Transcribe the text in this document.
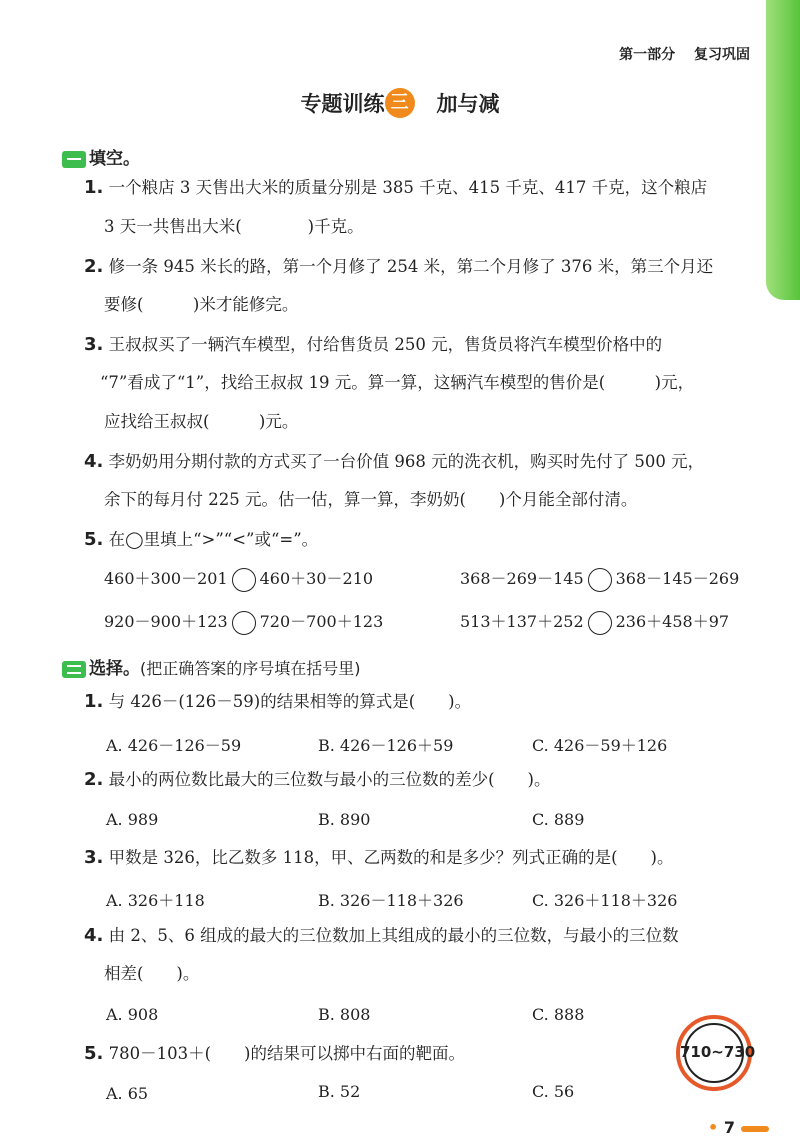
第一部分 复习巩固
专题训练 三 加与减
填空。
1. 一个粮店 3 天售出大米的质量分别是 385 千克、415 千克、417 千克，这个粮店
3 天一共售出大米(　　　　)千克。
2. 修一条 945 米长的路，第一个月修了 254 米，第二个月修了 376 米，第三个月还
要修(　　　)米才能修完。
3. 王叔叔买了一辆汽车模型，付给售货员 250 元，售货员将汽车模型价格中的
“7”看成了“1”，找给王叔叔 19 元。算一算，这辆汽车模型的售价是(　　　)元，
应找给王叔叔(　　　)元。
4. 李奶奶用分期付款的方式买了一台价值 968 元的洗衣机，购买时先付了 500 元，
余下的每月付 225 元。估一估，算一算，李奶奶(　　)个月能全部付清。
5. 在◯里填上“>”“<”或“=”。
460＋300－201 460＋30－210	368－269－145 368－145－269
920－900＋123 720－700＋123	513＋137＋252 236＋458＋97
选择。(把正确答案的序号填在括号里)
1. 与 426－(126－59)的结果相等的算式是(　　)。
A. 426－126－59	B. 426－126＋59	C. 426－59＋126
2. 最小的两位数比最大的三位数与最小的三位数的差少(　　)。
A. 989	B. 890	C. 889
3. 甲数是 326，比乙数多 118，甲、乙两数的和是多少？列式正确的是(　　)。
A. 326＋118	B. 326－118＋326	C. 326＋118＋326
4. 由 2、5、6 组成的最大的三位数加上其组成的最小的三位数，与最小的三位数
相差(　　)。
A. 908	B. 808	C. 888
5. 780－103＋(　　)的结果可以掷中右面的靶面。
A. 65	B. 52	C. 56
710~730
• 7
